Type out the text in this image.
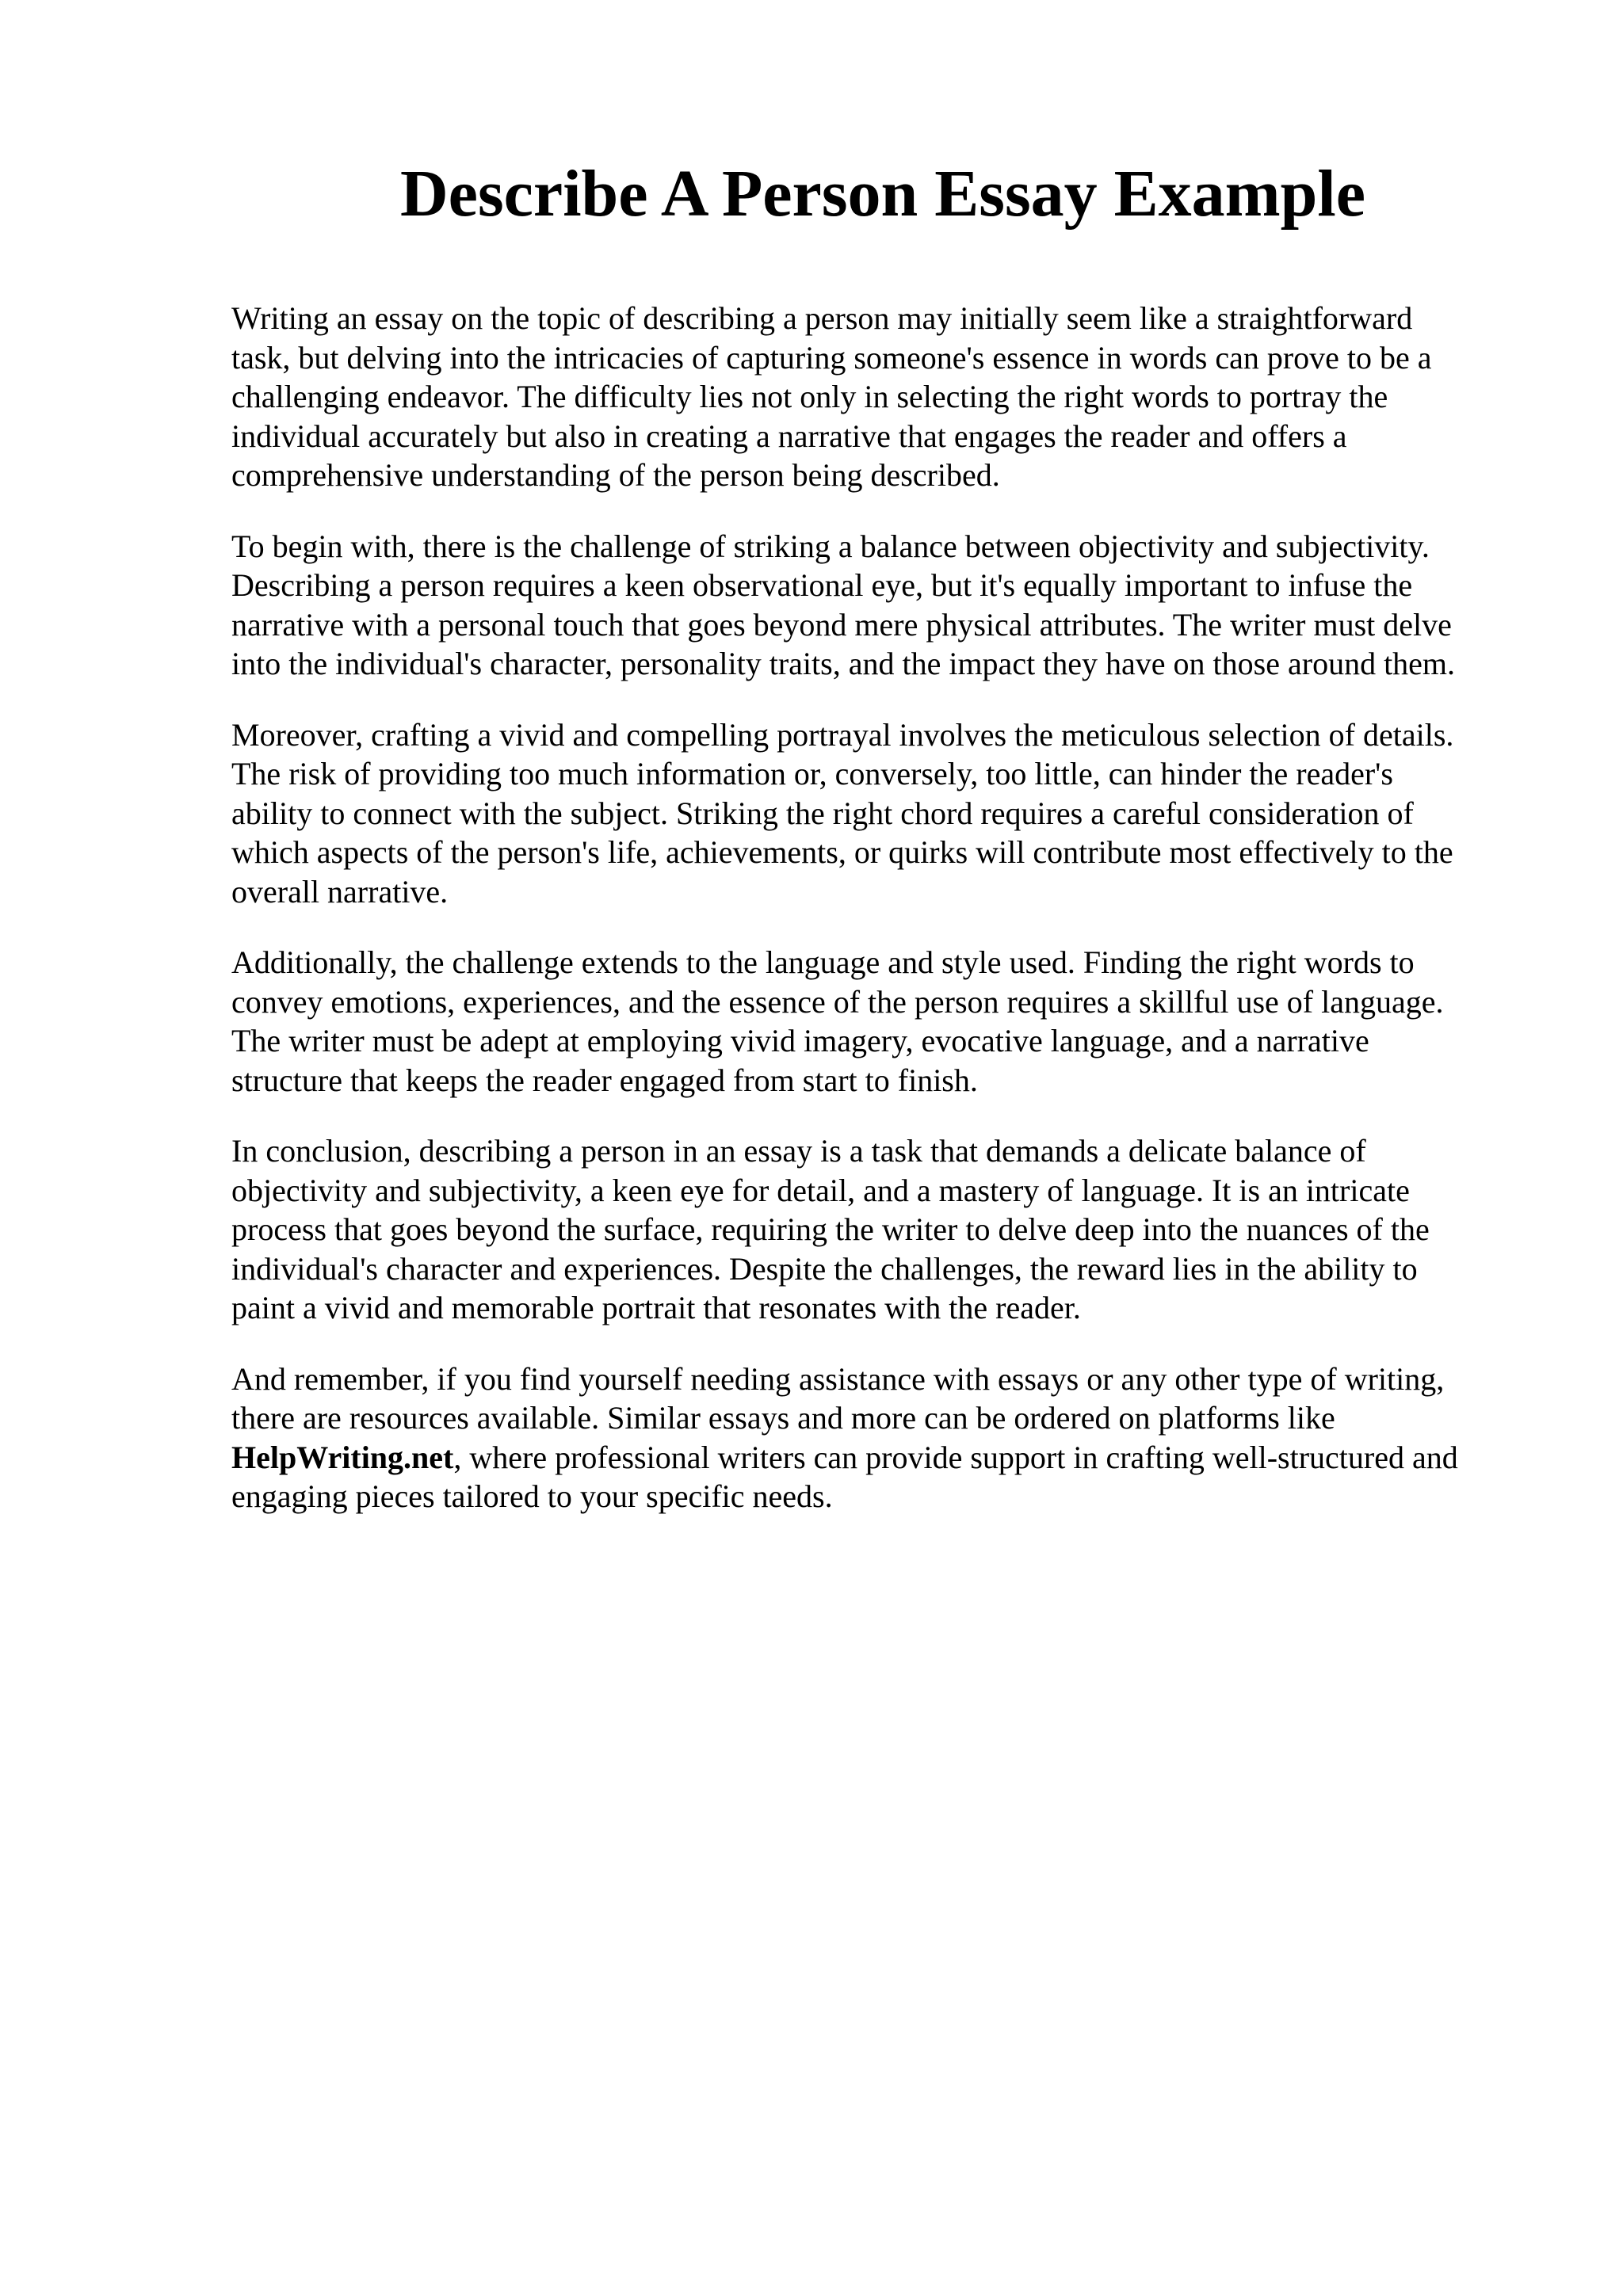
Describe A Person Essay Example

Writing an essay on the topic of describing a person may initially seem like a straightforward
task, but delving into the intricacies of capturing someone's essence in words can prove to be a
challenging endeavor. The difficulty lies not only in selecting the right words to portray the
individual accurately but also in creating a narrative that engages the reader and offers a
comprehensive understanding of the person being described.

To begin with, there is the challenge of striking a balance between objectivity and subjectivity.
Describing a person requires a keen observational eye, but it's equally important to infuse the
narrative with a personal touch that goes beyond mere physical attributes. The writer must delve
into the individual's character, personality traits, and the impact they have on those around them.

Moreover, crafting a vivid and compelling portrayal involves the meticulous selection of details.
The risk of providing too much information or, conversely, too little, can hinder the reader's
ability to connect with the subject. Striking the right chord requires a careful consideration of
which aspects of the person's life, achievements, or quirks will contribute most effectively to the
overall narrative.

Additionally, the challenge extends to the language and style used. Finding the right words to
convey emotions, experiences, and the essence of the person requires a skillful use of language.
The writer must be adept at employing vivid imagery, evocative language, and a narrative
structure that keeps the reader engaged from start to finish.

In conclusion, describing a person in an essay is a task that demands a delicate balance of
objectivity and subjectivity, a keen eye for detail, and a mastery of language. It is an intricate
process that goes beyond the surface, requiring the writer to delve deep into the nuances of the
individual's character and experiences. Despite the challenges, the reward lies in the ability to
paint a vivid and memorable portrait that resonates with the reader.

And remember, if you find yourself needing assistance with essays or any other type of writing,
there are resources available. Similar essays and more can be ordered on platforms like
HelpWriting.net, where professional writers can provide support in crafting well-structured and
engaging pieces tailored to your specific needs.
